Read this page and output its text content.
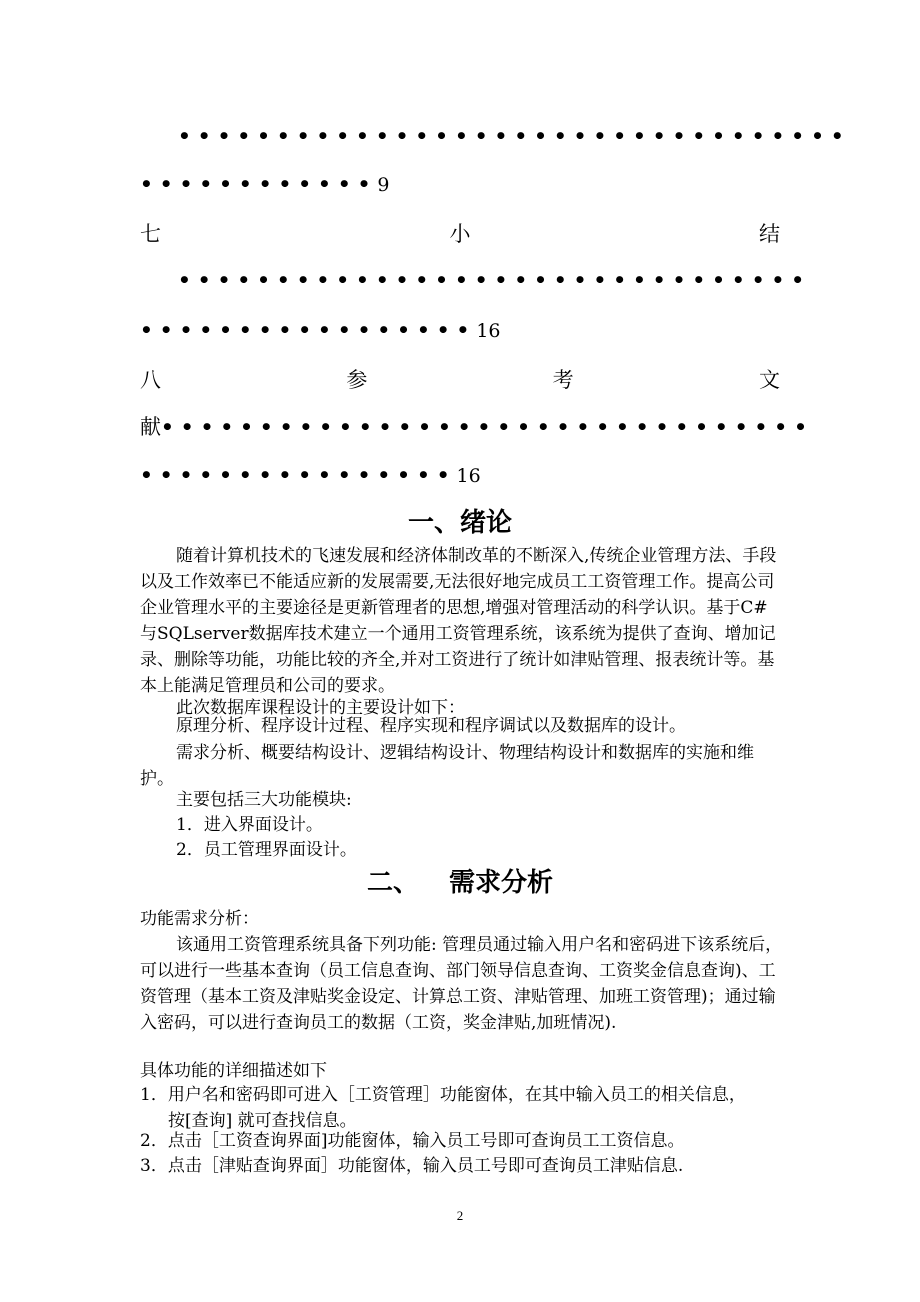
••••••••••••••••••••••••••••••••••
••••••••••••9
七	小	结
••••••••••••••••••••••••••••••••
•••••••••••••••••16
八	参	考	文
献•••••••••••••••••••••••••••••••••
••••••••••••••••16
一、绪论

随着计算机技术的飞速发展和经济体制改革的不断深入,传统企业管理方法、手段以及工作效率已不能适应新的发展需要,无法很好地完成员工工资管理工作。提高公司企业管理水平的主要途径是更新管理者的思想,增强对管理活动的科学认识。基于C#与SQLserver数据库技术建立一个通用工资管理系统，该系统为提供了查询、增加记录、删除等功能，功能比较的齐全,并对工资进行了统计如津贴管理、报表统计等。基本上能满足管理员和公司的要求。

此次数据库课程设计的主要设计如下：

原理分析、程序设计过程、程序实现和程序调试以及数据库的设计。

需求分析、概要结构设计、逻辑结构设计、物理结构设计和数据库的实施和维护。

主要包括三大功能模块:

1．进入界面设计。

2．员工管理界面设计。

二、 需求分析

功能需求分析：

该通用工资管理系统具备下列功能: 管理员通过输入用户名和密码进下该系统后，可以进行一些基本查询（员工信息查询、部门领导信息查询、工资奖金信息查询)、工资管理（基本工资及津贴奖金设定、计算总工资、津贴管理、加班工资管理)；通过输入密码，可以进行查询员工的数据（工资，奖金津贴,加班情况).

具体功能的详细描述如下

1．用户名和密码即可进入［工资管理］功能窗体，在其中输入员工的相关信息，
按[查询] 就可查找信息。
2．点击［工资查询界面]功能窗体，输入员工号即可查询员工工资信息。
3．点击［津贴查询界面］功能窗体，输入员工号即可查询员工津贴信息.
2
